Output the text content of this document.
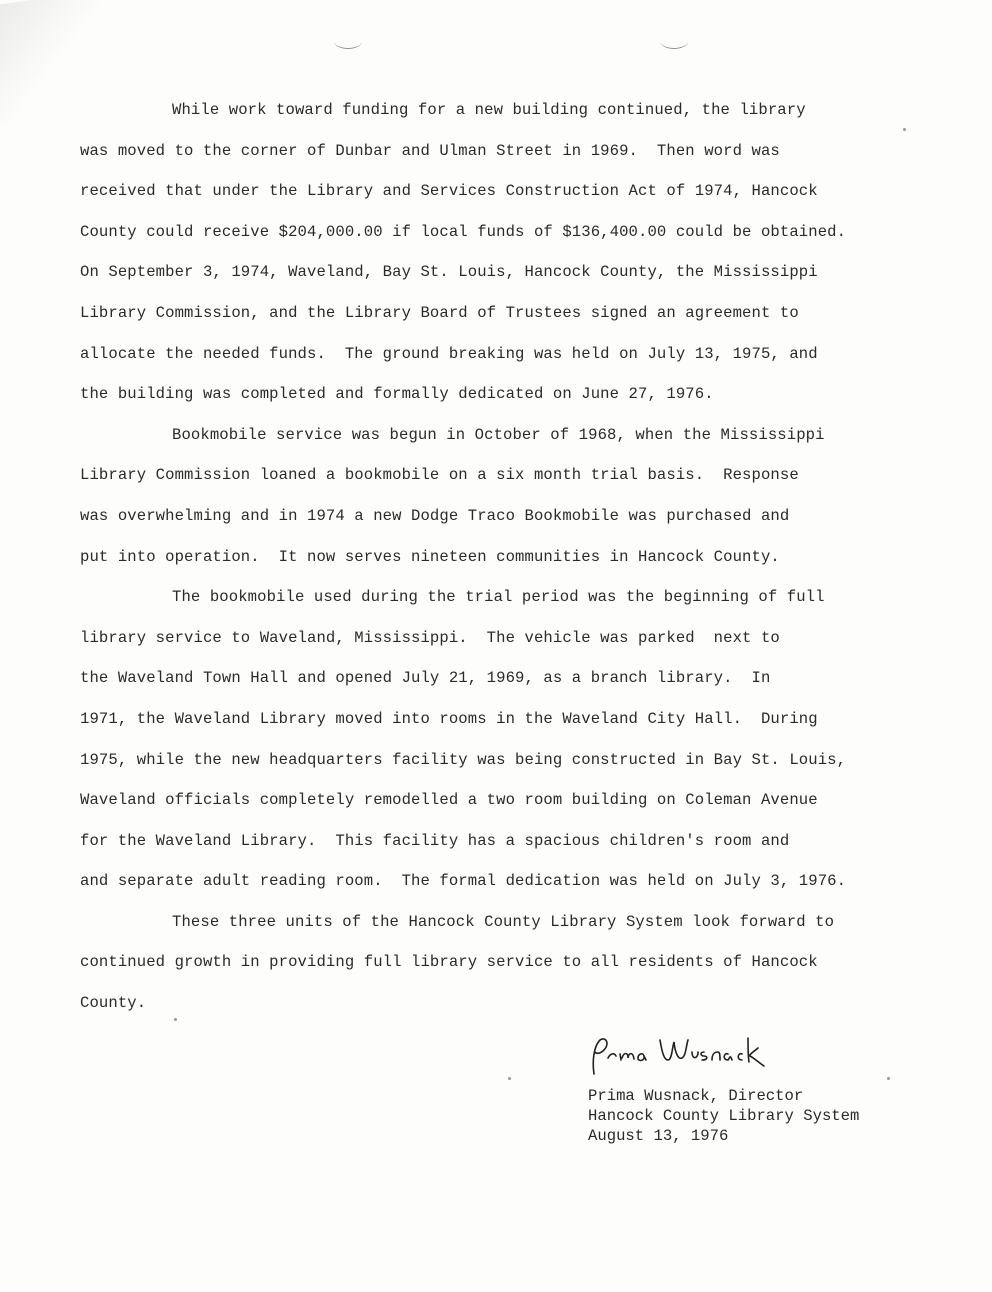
While work toward funding for a new building continued, the library
was moved to the corner of Dunbar and Ulman Street in 1969.  Then word was
received that under the Library and Services Construction Act of 1974, Hancock
County could receive $204,000.00 if local funds of $136,400.00 could be obtained.
On September 3, 1974, Waveland, Bay St. Louis, Hancock County, the Mississippi
Library Commission, and the Library Board of Trustees signed an agreement to
allocate the needed funds.  The ground breaking was held on July 13, 1975, and
the building was completed and formally dedicated on June 27, 1976.
Bookmobile service was begun in October of 1968, when the Mississippi
Library Commission loaned a bookmobile on a six month trial basis.  Response
was overwhelming and in 1974 a new Dodge Traco Bookmobile was purchased and
put into operation.  It now serves nineteen communities in Hancock County.
The bookmobile used during the trial period was the beginning of full
library service to Waveland, Mississippi.  The vehicle was parked  next to
the Waveland Town Hall and opened July 21, 1969, as a branch library.  In
1971, the Waveland Library moved into rooms in the Waveland City Hall.  During
1975, while the new headquarters facility was being constructed in Bay St. Louis,
Waveland officials completely remodelled a two room building on Coleman Avenue
for the Waveland Library.  This facility has a spacious children's room and
and separate adult reading room.  The formal dedication was held on July 3, 1976.
These three units of the Hancock County Library System look forward to
continued growth in providing full library service to all residents of Hancock
County.
Prima Wusnack, Director
Hancock County Library System
August 13, 1976
